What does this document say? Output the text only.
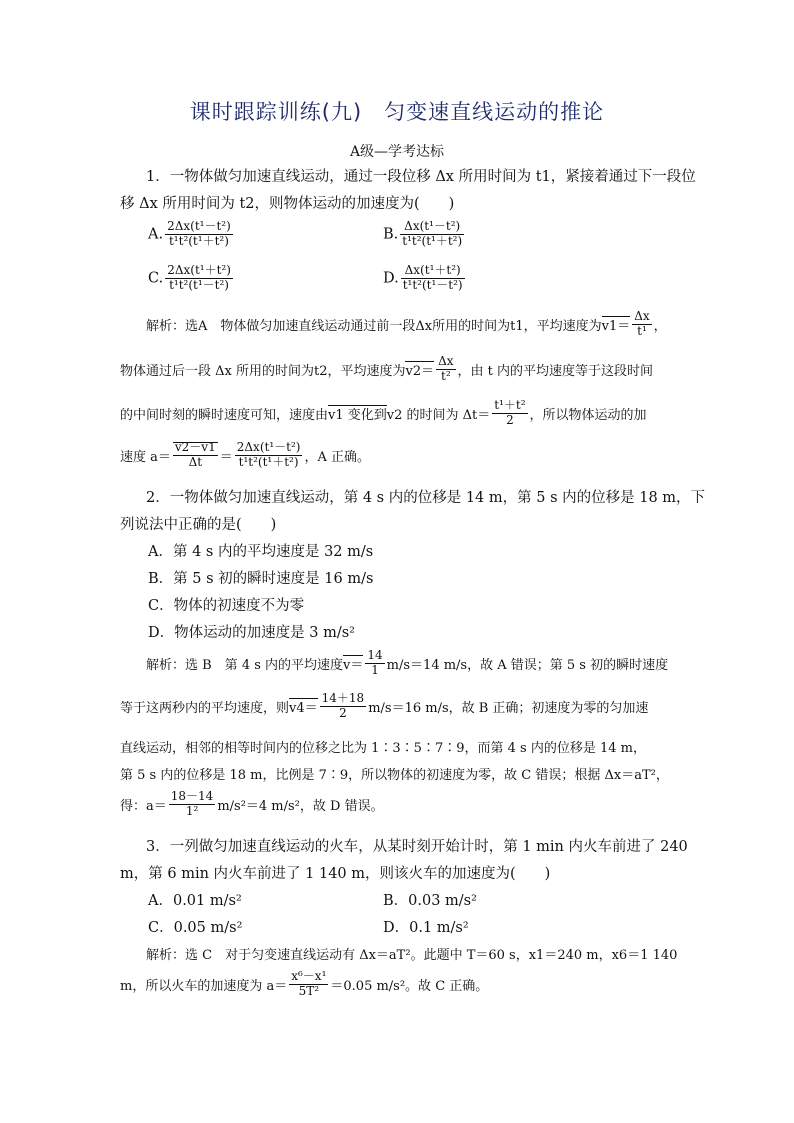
课时跟踪训练(九)　匀变速直线运动的推论
A级—学考达标
1．一物体做匀加速直线运动，通过一段位移 Δx 所用时间为 t1，紧接着通过下一段位
移 Δx 所用时间为 t2，则物体运动的加速度为(　　)
A. $\frac{\text{2Δx(t¹－t²)}}{\text{t¹t²(t¹＋t²)}}$	B. $\frac{\text{Δx(t¹－t²)}}{\text{t¹t²(t¹＋t²)}}$
C. $\frac{\text{2Δx(t¹＋t²)}}{\text{t¹t²(t¹－t²)}}$	D. $\frac{\text{Δx(t¹＋t²)}}{\text{t¹t²(t¹－t²)}}$
解析：选A　物体做匀加速直线运动通过前一段Δx所用的时间为t1，平均速度为$v1= \frac{\Delta x}{\text{t¹}}$ ，
物体通过后一段 Δx 所用的时间为t2，平均速度为$v2= \frac{\Delta x}{\text{t²}}$ ，由 t 内的平均速度等于这段时间
的中间时刻的瞬时速度可知，速度由v1 变化到v2 的时间为 $\Delta t= \frac{\text{t¹＋t²}}{2}$ ，所以物体运动的加
速度 $a= \frac{v2-v1}{\Delta t} = \frac{\text{2Δx(t¹－t²)}}{\text{t¹t²(t¹＋t²)}}$ ，A 正确。
2．一物体做匀加速直线运动，第 4 s 内的位移是 14 m，第 5 s 内的位移是 18 m，下
列说法中正确的是(　　)
A．第 4 s 内的平均速度是 32 m/s
B．第 5 s 初的瞬时速度是 16 m/s
C．物体的初速度不为零
D．物体运动的加速度是 3 m/s²
解析：选 B　第 4 s 内的平均速度$v= \frac{14}{1} m/s=14$ m/s，故 A 错误；第 5 s 初的瞬时速度
等于这两秒内的平均速度，则$v4= \frac{14+18}{2} m/s=16$ m/s，故 B 正确；初速度为零的匀加速
直线运动，相邻的相等时间内的位移之比为 1∶3∶5∶7∶9，而第 4 s 内的位移是 14 m，
第 5 s 内的位移是 18 m，比例是 7∶9，所以物体的初速度为零，故 C 错误；根据 Δx＝aT²，
得：$a= \frac{18-14}{\text{1²}} m/s^2=4$ m/s²，故 D 错误。
3．一列做匀加速直线运动的火车，从某时刻开始计时，第 1 min 内火车前进了 240
m，第 6 min 内火车前进了 1 140 m，则该火车的加速度为(　　)
A．0.01 m/s²	B．0.03 m/s²
C．0.05 m/s²	D．0.1 m/s²
解析：选 C　对于匀变速直线运动有 Δx＝aT²。此题中 T＝60 s，x1＝240 m，x6＝1 140
m，所以火车的加速度为 $a= \frac{\text{x⁶－x¹}}{\text{5T²}} =0.05$ m/s²。故 C 正确。
